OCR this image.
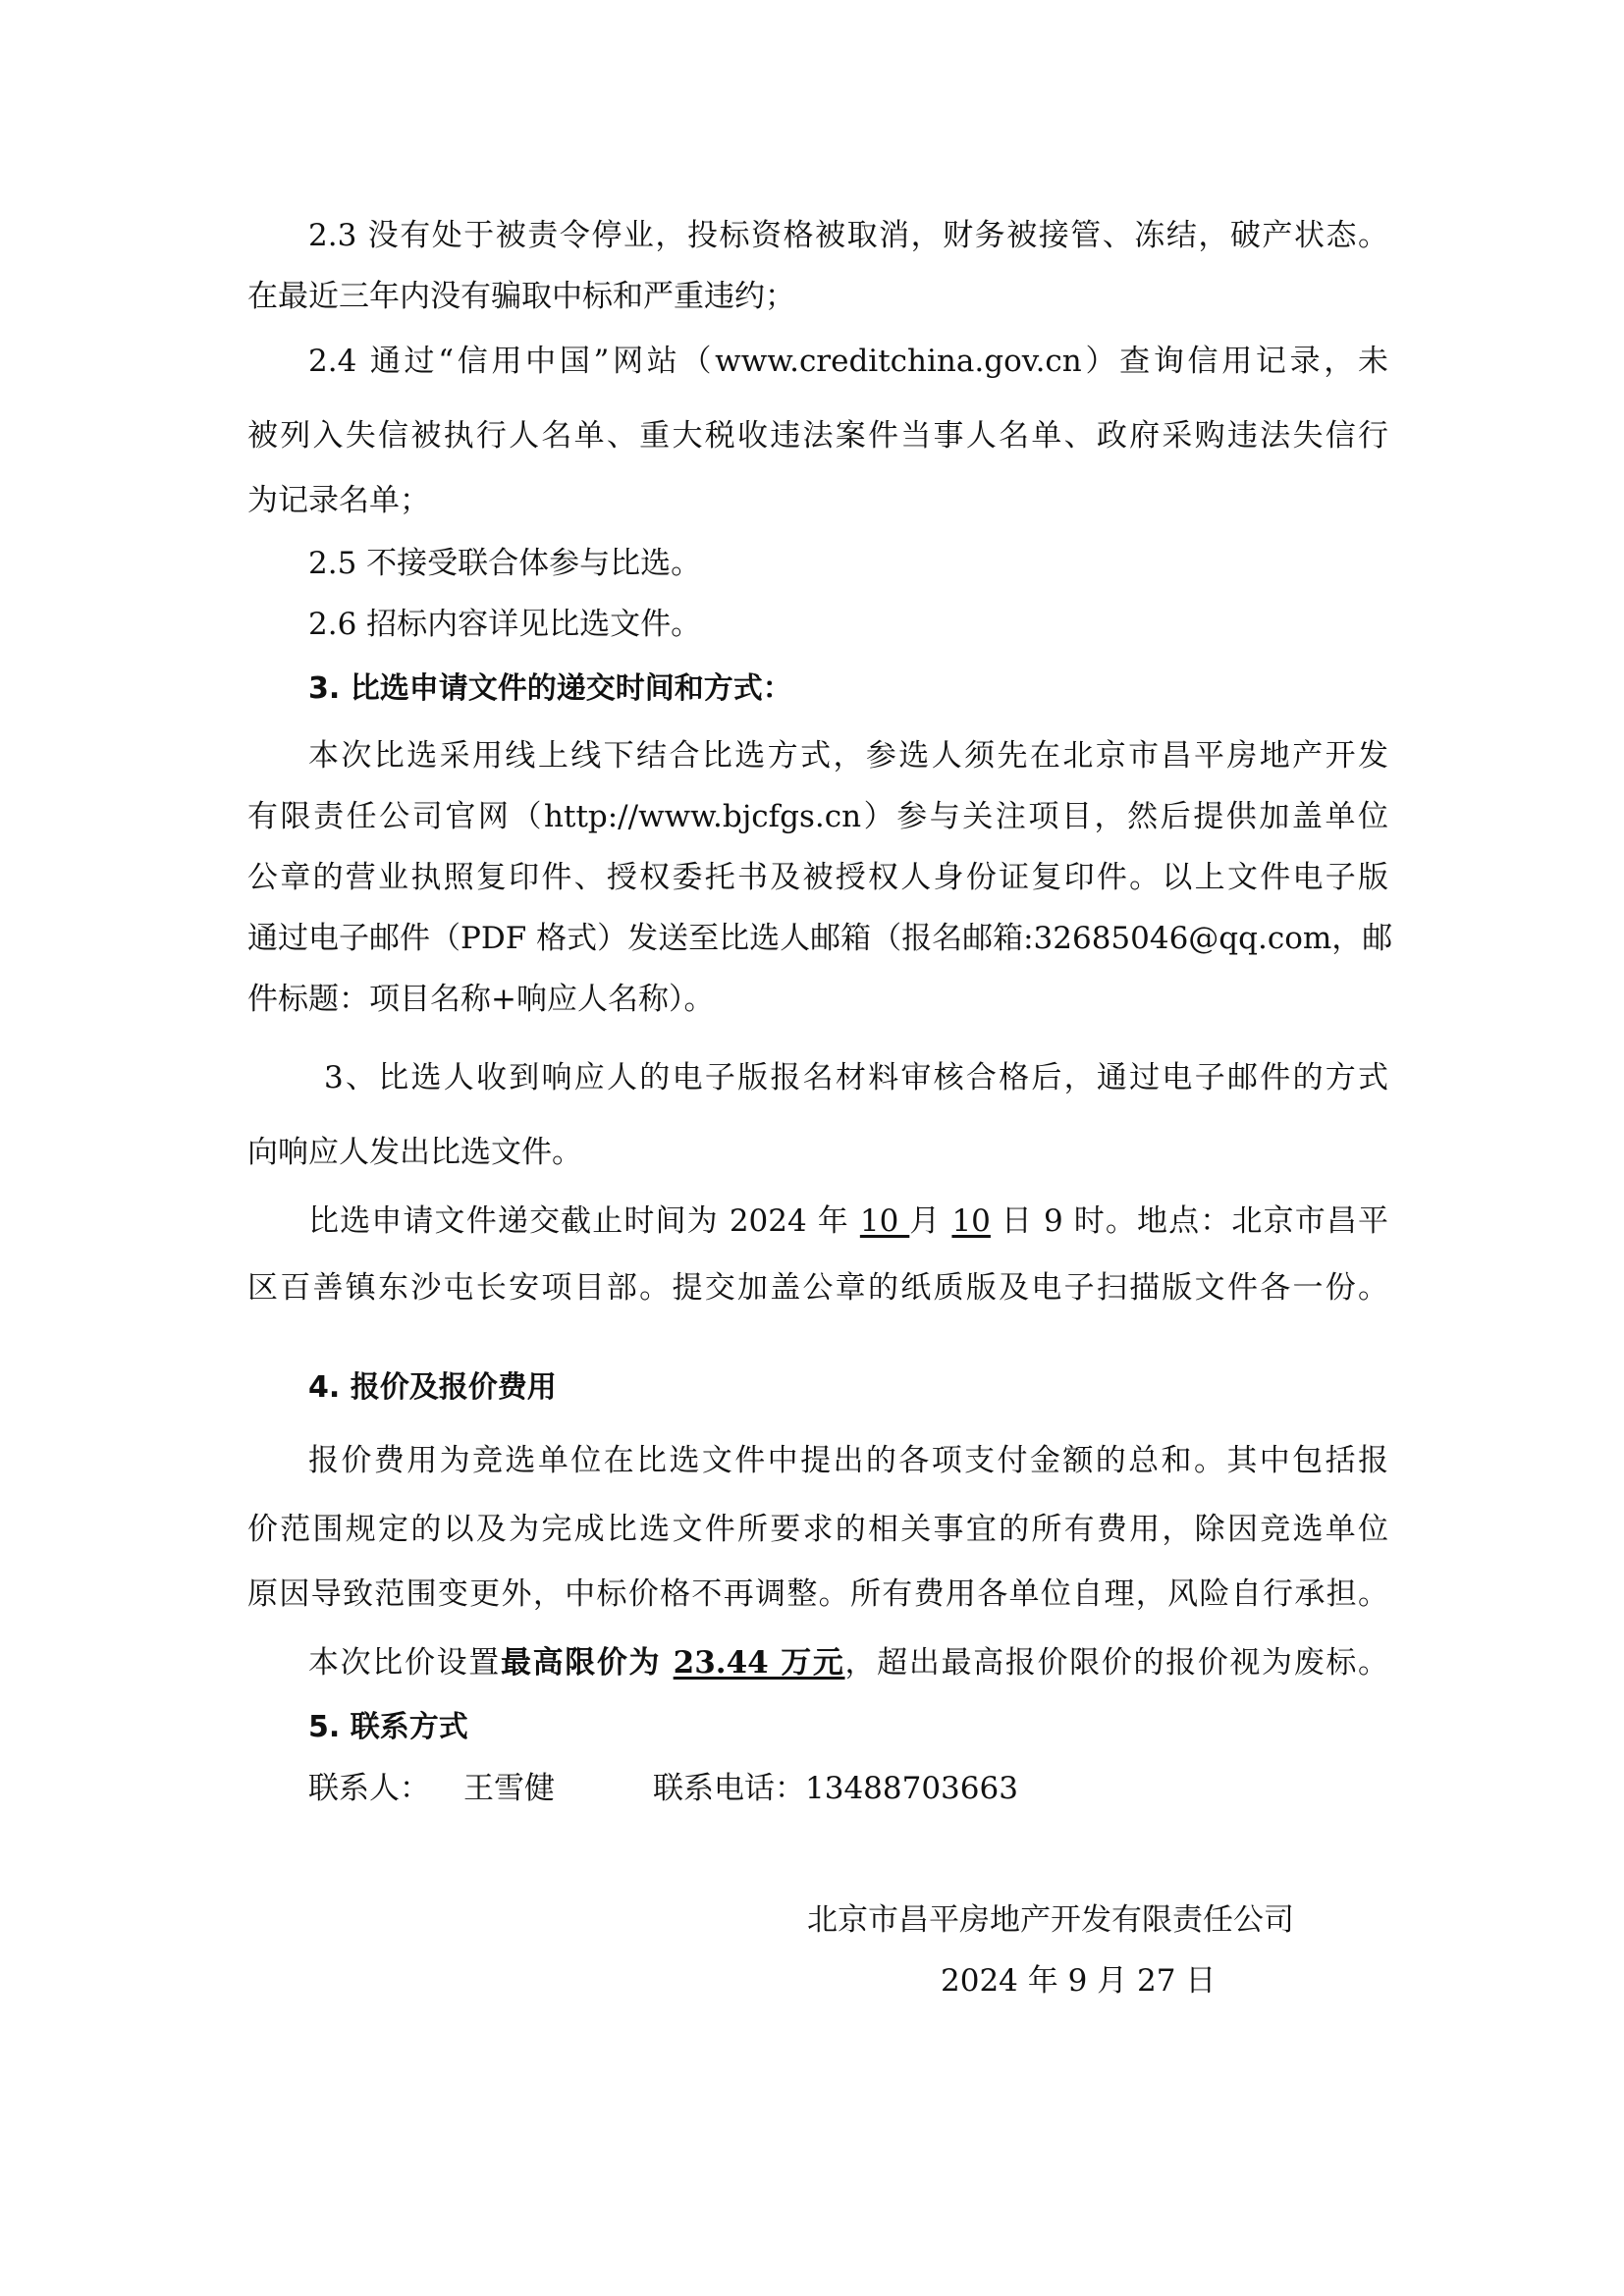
2.3 没有处于被责令停业，投标资格被取消，财务被接管、冻结，破产状态。
在最近三年内没有骗取中标和严重违约；
2.4 通过“信用中国”网站（www.creditchina.gov.cn）查询信用记录，未
被列入失信被执行人名单、重大税收违法案件当事人名单、政府采购违法失信行
为记录名单；
2.5 不接受联合体参与比选。
2.6 招标内容详见比选文件。
3. 比选申请文件的递交时间和方式：
本次比选采用线上线下结合比选方式，参选人须先在北京市昌平房地产开发
有限责任公司官网（http://www.bjcfgs.cn）参与关注项目，然后提供加盖单位
公章的营业执照复印件、授权委托书及被授权人身份证复印件。以上文件电子版
通过电子邮件（PDF 格式）发送至比选人邮箱（报名邮箱:32685046@qq.com，邮
件标题：项目名称+响应人名称）。
3、比选人收到响应人的电子版报名材料审核合格后，通过电子邮件的方式
向响应人发出比选文件。
比选申请文件递交截止时间为 2024 年 10 月 10 日 9 时。地点：北京市昌平
区百善镇东沙屯长安项目部。提交加盖公章的纸质版及电子扫描版文件各一份。
4. 报价及报价费用
报价费用为竞选单位在比选文件中提出的各项支付金额的总和。其中包括报
价范围规定的以及为完成比选文件所要求的相关事宜的所有费用，除因竞选单位
原因导致范围变更外，中标价格不再调整。所有费用各单位自理，风险自行承担。
本次比价设置最高限价为 23.44 万元，超出最高报价限价的报价视为废标。
5. 联系方式
联系人： 王雪健	联系电话：13488703663
北京市昌平房地产开发有限责任公司
2024 年 9 月 27 日
